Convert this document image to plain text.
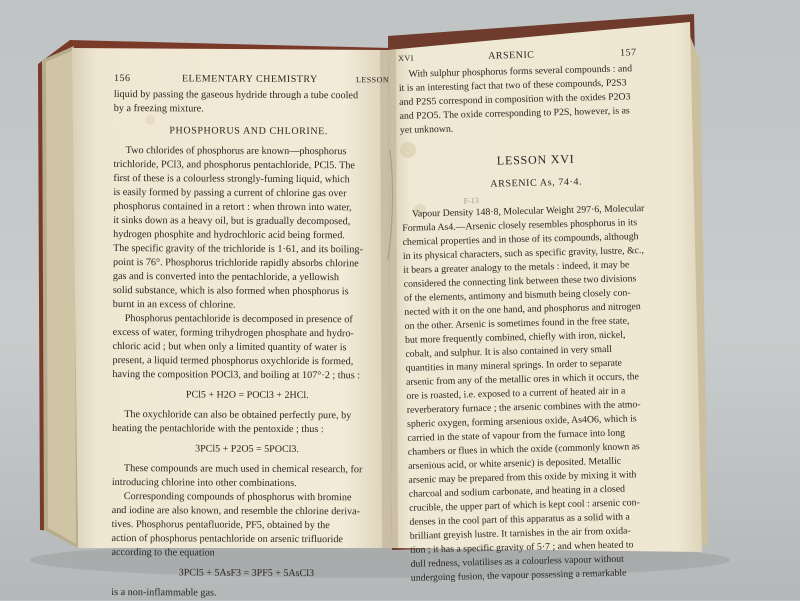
156	ELEMENTARY CHEMISTRY	LESSON
liquid by passing the gaseous hydride through a tube cooled
by a freezing mixture.
PHOSPHORUS AND CHLORINE.
Two chlorides of phosphorus are known—phosphorus
trichloride, PCl3, and phosphorus pentachloride, PCl5. The
first of these is a colourless strongly-fuming liquid, which
is easily formed by passing a current of chlorine gas over
phosphorus contained in a retort : when thrown into water,
it sinks down as a heavy oil, but is gradually decomposed,
hydrogen phosphite and hydrochloric acid being formed.
The specific gravity of the trichloride is 1·61, and its boiling-
point is 76°. Phosphorus trichloride rapidly absorbs chlorine
gas and is converted into the pentachloride, a yellowish
solid substance, which is also formed when phosphorus is
burnt in an excess of chlorine.
Phosphorus pentachloride is decomposed in presence of
excess of water, forming trihydrogen phosphate and hydro-
chloric acid ; but when only a limited quantity of water is
present, a liquid termed phosphorus oxychloride is formed,
having the composition POCl3, and boiling at 107°·2 ; thus :
PCl5 + H2O = POCl3 + 2HCl.
The oxychloride can also be obtained perfectly pure, by
heating the pentachloride with the pentoxide ; thus :
3PCl5 + P2O5 = 5POCl3.
These compounds are much used in chemical research, for
introducing chlorine into other combinations.
Corresponding compounds of phosphorus with bromine
and iodine are also known, and resemble the chlorine deriva-
tives. Phosphorus pentafluoride, PF5, obtained by the
action of phosphorus pentachloride on arsenic trifluoride
according to the equation
3PCl5 + 5AsF3 = 3PF5 + 5AsCl3
is a non-inflammable gas.
XVI	ARSENIC	157
With sulphur phosphorus forms several compounds : and
it is an interesting fact that two of these compounds, P2S3
and P2S5 correspond in composition with the oxides P2O3
and P2O5. The oxide corresponding to P2S, however, is as
yet unknown.
LESSON XVI
ARSENIC As, 74·4.
F-13
Vapour Density 148·8, Molecular Weight 297·6, Molecular
Formula As4.—Arsenic closely resembles phosphorus in its
chemical properties and in those of its compounds, although
in its physical characters, such as specific gravity, lustre, &c.,
it bears a greater analogy to the metals : indeed, it may be
considered the connecting link between these two divisions
of the elements, antimony and bismuth being closely con-
nected with it on the one hand, and phosphorus and nitrogen
on the other. Arsenic is sometimes found in the free state,
but more frequently combined, chiefly with iron, nickel,
cobalt, and sulphur. It is also contained in very small
quantities in many mineral springs. In order to separate
arsenic from any of the metallic ores in which it occurs, the
ore is roasted, i.e. exposed to a current of heated air in a
reverberatory furnace ; the arsenic combines with the atmo-
spheric oxygen, forming arsenious oxide, As4O6, which is
carried in the state of vapour from the furnace into long
chambers or flues in which the oxide (commonly known as
arsenious acid, or white arsenic) is deposited. Metallic
arsenic may be prepared from this oxide by mixing it with
charcoal and sodium carbonate, and heating in a closed
crucible, the upper part of which is kept cool : arsenic con-
denses in the cool part of this apparatus as a solid with a
brilliant greyish lustre. It tarnishes in the air from oxida-
tion ; it has a specific gravity of 5·7 ; and when heated to
dull redness, volatilises as a colourless vapour without
undergoing fusion, the vapour possessing a remarkable
